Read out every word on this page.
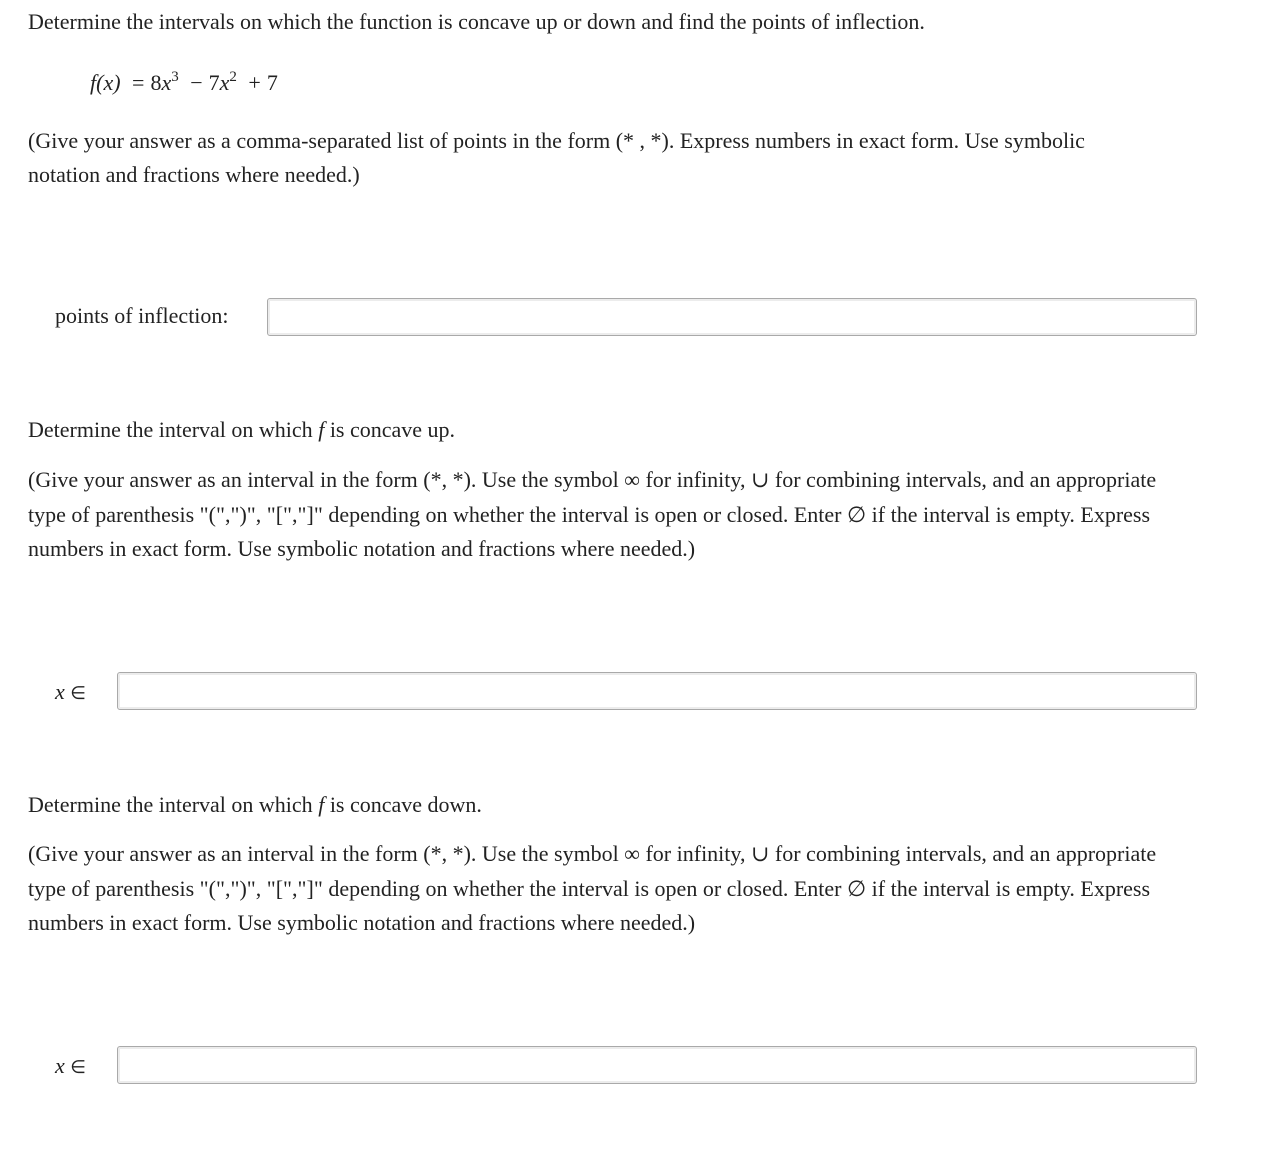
Determine the intervals on which the function is concave up or down and find the points of inflection.

$f(x) = 8x^3 - 7x^2 + 7$

(Give your answer as a comma-separated list of points in the form (* , *). Express numbers in exact form. Use symbolic

notation and fractions where needed.)

points of inflection:

Determine the interval on which f is concave up.

(Give your answer as an interval in the form (*, *). Use the symbol ∞ for infinity, ∪ for combining intervals, and an appropriate

type of parenthesis "(",")", "[","]" depending on whether the interval is open or closed. Enter ∅ if the interval is empty. Express

numbers in exact form. Use symbolic notation and fractions where needed.)

x ∈

Determine the interval on which f is concave down.

(Give your answer as an interval in the form (*, *). Use the symbol ∞ for infinity, ∪ for combining intervals, and an appropriate

type of parenthesis "(",")", "[","]" depending on whether the interval is open or closed. Enter ∅ if the interval is empty. Express

numbers in exact form. Use symbolic notation and fractions where needed.)

x ∈
